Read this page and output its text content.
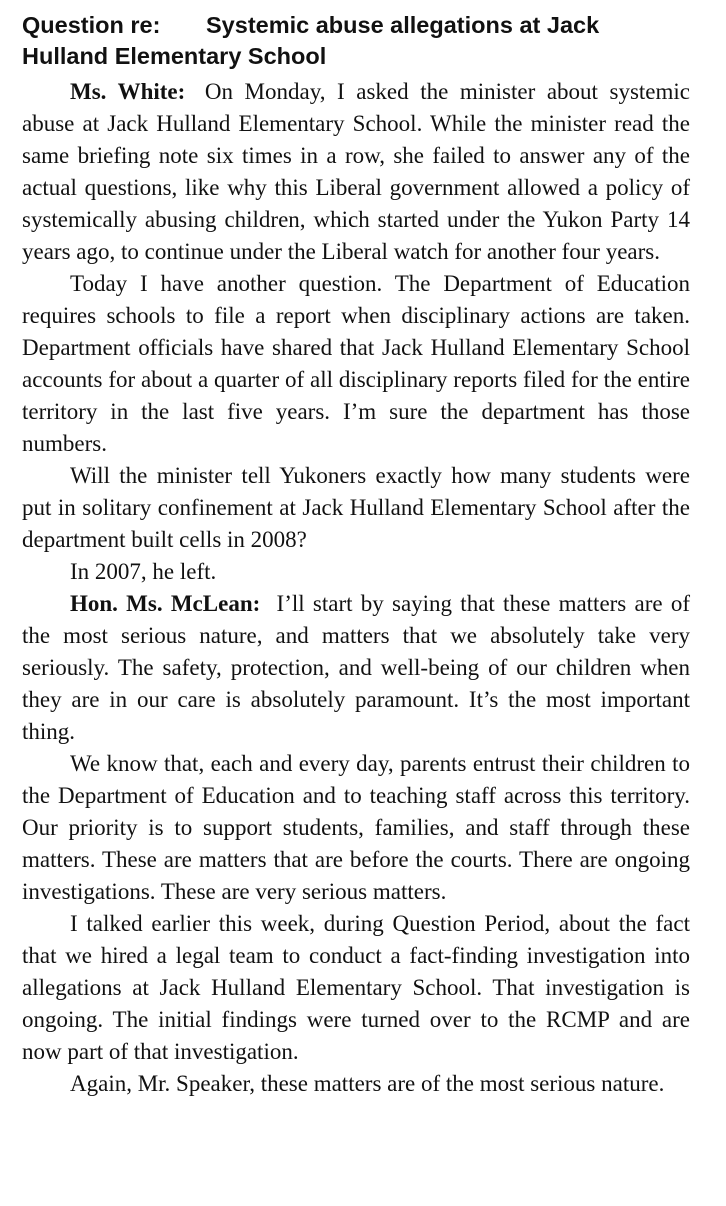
Question re: Systemic abuse allegations at Jack Hulland Elementary School

Ms. White: On Monday, I asked the minister about systemic abuse at Jack Hulland Elementary School. While the minister read the same briefing note six times in a row, she failed to answer any of the actual questions, like why this Liberal government allowed a policy of systemically abusing children, which started under the Yukon Party 14 years ago, to continue under the Liberal watch for another four years.

Today I have another question. The Department of Education requires schools to file a report when disciplinary actions are taken. Department officials have shared that Jack Hulland Elementary School accounts for about a quarter of all disciplinary reports filed for the entire territory in the last five years. I’m sure the department has those numbers.

Will the minister tell Yukoners exactly how many students were put in solitary confinement at Jack Hulland Elementary School after the department built cells in 2008?

In 2007, he left.

Hon. Ms. McLean: I’ll start by saying that these matters are of the most serious nature, and matters that we absolutely take very seriously. The safety, protection, and well-being of our children when they are in our care is absolutely paramount. It’s the most important thing.

We know that, each and every day, parents entrust their children to the Department of Education and to teaching staff across this territory. Our priority is to support students, families, and staff through these matters. These are matters that are before the courts. There are ongoing investigations. These are very serious matters.

I talked earlier this week, during Question Period, about the fact that we hired a legal team to conduct a fact-finding investigation into allegations at Jack Hulland Elementary School. That investigation is ongoing. The initial findings were turned over to the RCMP and are now part of that investigation.

Again, Mr. Speaker, these matters are of the most serious nature.
